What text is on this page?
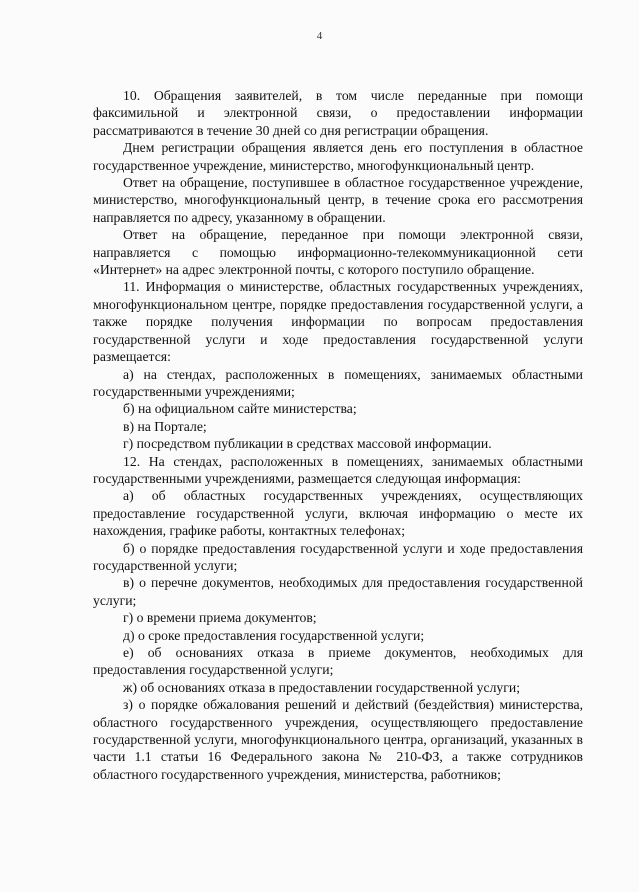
4

10. Обращения заявителей, в том числе переданные при помощи факсимильной и электронной связи, о предоставлении информации рассматриваются в течение 30 дней со дня регистрации обращения.

Днем регистрации обращения является день его поступления в областное государственное учреждение, министерство, многофункциональный центр.

Ответ на обращение, поступившее в областное государственное учреждение, министерство, многофункциональный центр, в течение срока его рассмотрения направляется по адресу, указанному в обращении.

Ответ на обращение, переданное при помощи электронной связи, направляется с помощью информационно-телекоммуникационной сети «Интернет» на адрес электронной почты, с которого поступило обращение.

11. Информация о министерстве, областных государственных учреждениях, многофункциональном центре, порядке предоставления государственной услуги, а также порядке получения информации по вопросам предоставления государственной услуги и ходе предоставления государственной услуги размещается:

а) на стендах, расположенных в помещениях, занимаемых областными государственными учреждениями;

б) на официальном сайте министерства;

в) на Портале;

г) посредством публикации в средствах массовой информации.

12. На стендах, расположенных в помещениях, занимаемых областными государственными учреждениями, размещается следующая информация:

а) об областных государственных учреждениях, осуществляющих предоставление государственной услуги, включая информацию о месте их нахождения, графике работы, контактных телефонах;

б) о порядке предоставления государственной услуги и ходе предоставления государственной услуги;

в) о перечне документов, необходимых для предоставления государственной услуги;

г) о времени приема документов;

д) о сроке предоставления государственной услуги;

е) об основаниях отказа в приеме документов, необходимых для предоставления государственной услуги;

ж) об основаниях отказа в предоставлении государственной услуги;

з) о порядке обжалования решений и действий (бездействия) министерства, областного государственного учреждения, осуществляющего предоставление государственной услуги, многофункционального центра, организаций, указанных в части 1.1 статьи 16 Федерального закона № 210-ФЗ, а также сотрудников областного государственного учреждения, министерства, работников;
